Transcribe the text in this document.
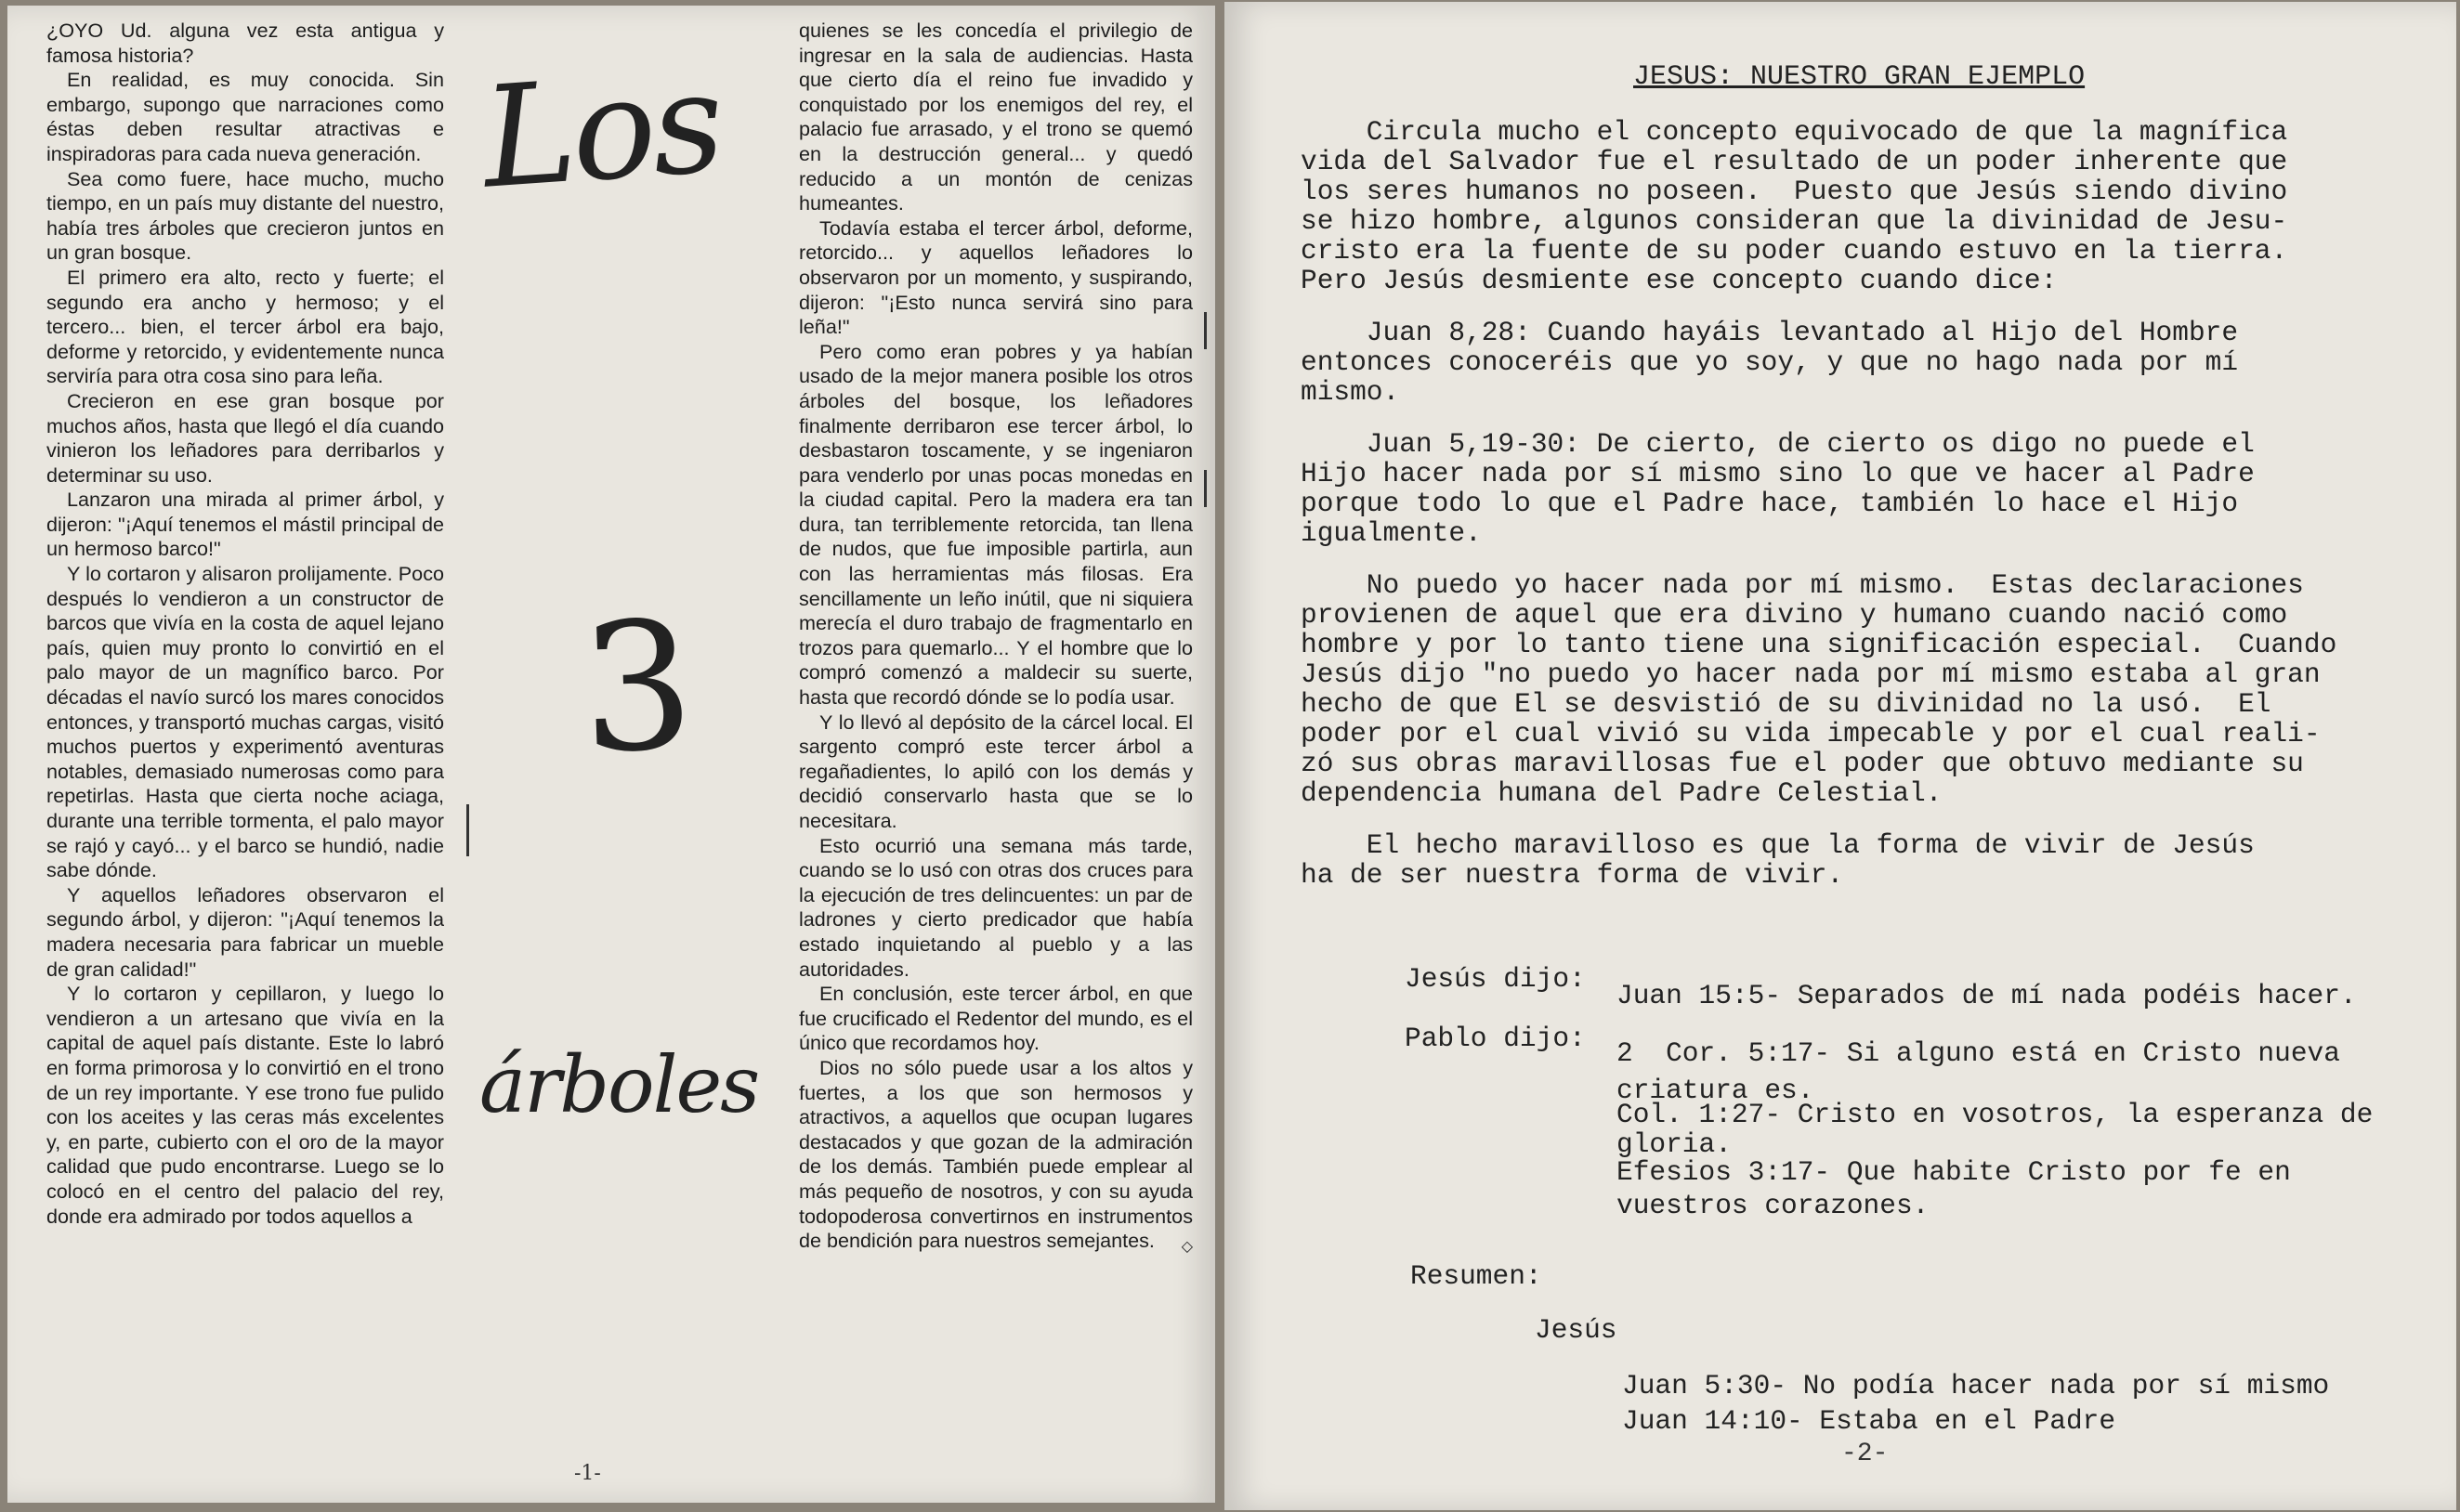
¿OYO Ud. alguna vez esta antigua y famosa historia?

En realidad, es muy conocida. Sin embargo, supongo que narraciones como éstas deben resultar atractivas e inspiradoras para cada nueva generación.

Sea como fuere, hace mucho, mucho tiempo, en un país muy distante del nuestro, había tres árboles que crecieron juntos en un gran bosque.

El primero era alto, recto y fuerte; el segundo era ancho y hermoso; y el tercero... bien, el tercer árbol era bajo, deforme y retorcido, y evidentemente nunca serviría para otra cosa sino para leña.

Crecieron en ese gran bosque por muchos años, hasta que llegó el día cuando vinieron los leñadores para derribarlos y determinar su uso.

Lanzaron una mirada al primer árbol, y dijeron: "¡Aquí tenemos el mástil principal de un hermoso barco!"

Y lo cortaron y alisaron prolijamente. Poco después lo vendieron a un constructor de barcos que vivía en la costa de aquel lejano país, quien muy pronto lo convirtió en el palo mayor de un magnífico barco. Por décadas el navío surcó los mares conocidos entonces, y transportó muchas cargas, visitó muchos puertos y experimentó aventuras notables, demasiado numerosas como para repetirlas. Hasta que cierta noche aciaga, durante una terrible tormenta, el palo mayor se rajó y cayó... y el barco se hundió, nadie sabe dónde.

Y aquellos leñadores observaron el segundo árbol, y dijeron: "¡Aquí tenemos la madera necesaria para fabricar un mueble de gran calidad!"

Y lo cortaron y cepillaron, y luego lo vendieron a un artesano que vivía en la capital de aquel país distante. Este lo labró en forma primorosa y lo convirtió en el trono de un rey importante. Y ese trono fue pulido con los aceites y las ceras más excelentes y, en parte, cubierto con el oro de la mayor calidad que pudo encontrarse. Luego se lo colocó en el centro del palacio del rey, donde era admirado por todos aquellos a

Los
3
árboles
-1-

quienes se les concedía el privilegio de ingresar en la sala de audiencias. Hasta que cierto día el reino fue invadido y conquistado por los enemigos del rey, el palacio fue arrasado, y el trono se quemó en la destrucción general... y quedó reducido a un montón de cenizas humeantes.

Todavía estaba el tercer árbol, deforme, retorcido... y aquellos leñadores lo observaron por un momento, y suspirando, dijeron: "¡Esto nunca servirá sino para leña!"

Pero como eran pobres y ya habían usado de la mejor manera posible los otros árboles del bosque, los leñadores finalmente derribaron ese tercer árbol, lo desbastaron toscamente, y se ingeniaron para venderlo por unas pocas monedas en la ciudad capital. Pero la madera era tan dura, tan terriblemente retorcida, tan llena de nudos, que fue imposible partirla, aun con las herramientas más filosas. Era sencillamente un leño inútil, que ni siquiera merecía el duro trabajo de fragmentarlo en trozos para quemarlo... Y el hombre que lo compró comenzó a maldecir su suerte, hasta que recordó dónde se lo podía usar.

Y lo llevó al depósito de la cárcel local. El sargento compró este tercer árbol a regañadientes, lo apiló con los demás y decidió conservarlo hasta que se lo necesitara.

Esto ocurrió una semana más tarde, cuando se lo usó con otras dos cruces para la ejecución de tres delincuentes: un par de ladrones y cierto predicador que había estado inquietando al pueblo y a las autoridades.

En conclusión, este tercer árbol, en que fue crucificado el Redentor del mundo, es el único que recordamos hoy.

Dios no sólo puede usar a los altos y fuertes, a los que son hermosos y atractivos, a aquellos que ocupan lugares destacados y que gozan de la admiración de los demás. También puede emplear al más pequeño de nosotros, y con su ayuda todopoderosa convertirnos en instrumentos de bendición para nuestros semejantes.	◇
JESUS: NUESTRO GRAN EJEMPLO
Circula mucho el concepto equivocado de que la magnífica
vida del Salvador fue el resultado de un poder inherente que
los seres humanos no poseen.  Puesto que Jesús siendo divino
se hizo hombre, algunos consideran que la divinidad de Jesu-
cristo era la fuente de su poder cuando estuvo en la tierra.
Pero Jesús desmiente ese concepto cuando dice:
Juan 8,28: Cuando hayáis levantado al Hijo del Hombre
entonces conoceréis que yo soy, y que no hago nada por mí
mismo.
Juan 5,19-30: De cierto, de cierto os digo no puede el
Hijo hacer nada por sí mismo sino lo que ve hacer al Padre
porque todo lo que el Padre hace, también lo hace el Hijo
igualmente.
No puedo yo hacer nada por mí mismo.  Estas declaraciones
provienen de aquel que era divino y humano cuando nació como
hombre y por lo tanto tiene una significación especial.  Cuando
Jesús dijo "no puedo yo hacer nada por mí mismo estaba al gran
hecho de que El se desvistió de su divinidad no la usó.  El
poder por el cual vivió su vida impecable y por el cual reali-
zó sus obras maravillosas fue el poder que obtuvo mediante su
dependencia humana del Padre Celestial.
El hecho maravilloso es que la forma de vivir de Jesús
ha de ser nuestra forma de vivir.
Jesús dijo:
Juan 15:5- Separados de mí nada podéis hacer.
Pablo dijo: 2  Cor. 5:17- Si alguno está en Cristo nueva
criatura es.
Col. 1:27- Cristo en vosotros, la esperanza de
gloria.
Efesios 3:17- Que habite Cristo por fe en
vuestros corazones.
Resumen:
Jesús
Juan 5:30- No podía hacer nada por sí mismo
Juan 14:10- Estaba en el Padre
-2-
